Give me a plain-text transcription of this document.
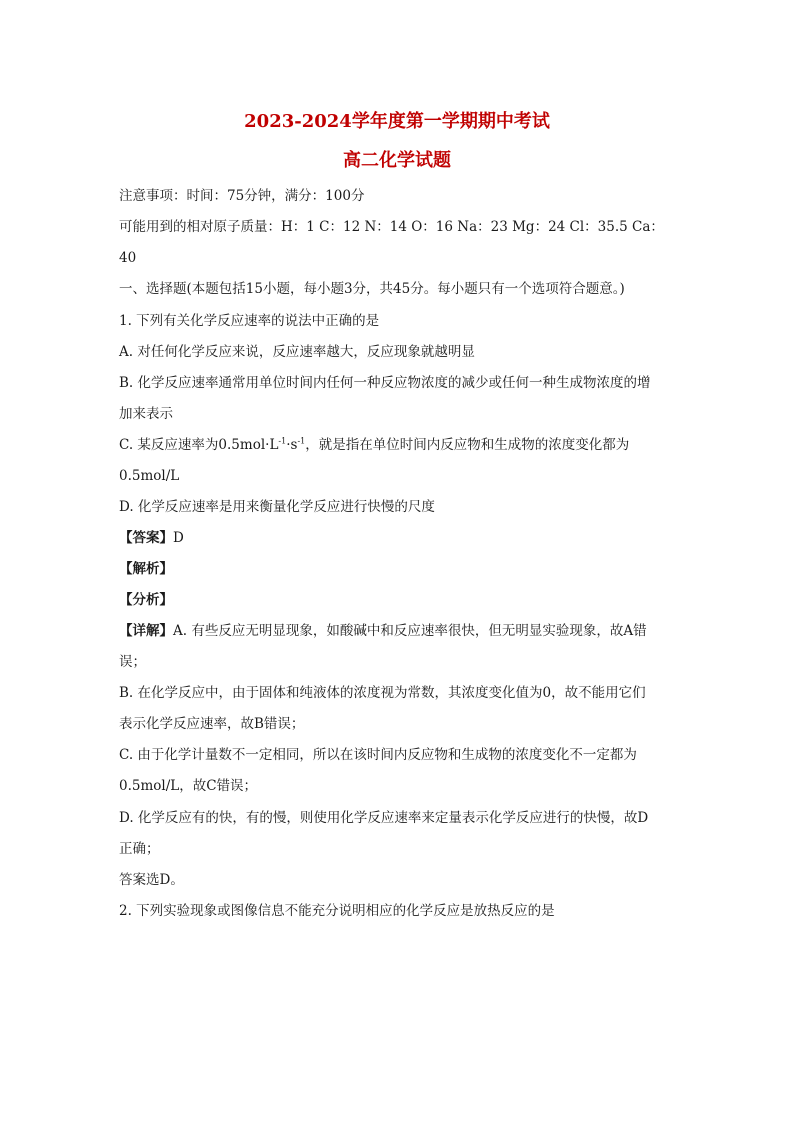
2023-2024学年度第一学期期中考试
高二化学试题
注意事项：时间：75分钟，满分：100分
可能用到的相对原子质量：H：1 C：12 N：14 O：16 Na：23 Mg：24 Cl：35.5 Ca：
40
一、选择题(本题包括15小题，每小题3分，共45分。每小题只有一个选项符合题意。)
1. 下列有关化学反应速率的说法中正确的是
A. 对任何化学反应来说，反应速率越大，反应现象就越明显
B. 化学反应速率通常用单位时间内任何一种反应物浓度的减少或任何一种生成物浓度的增
加来表示
C. 某反应速率为$0.5mol\cdot L^{-1}\cdot s^{-1}$，就是指在单位时间内反应物和生成物的浓度变化都为
0.5mol/L
D. 化学反应速率是用来衡量化学反应进行快慢的尺度
【答案】D
【解析】
【分析】
【详解】A. 有些反应无明显现象，如酸碱中和反应速率很快，但无明显实验现象，故A错
误；
B. 在化学反应中，由于固体和纯液体的浓度视为常数，其浓度变化值为0，故不能用它们
表示化学反应速率，故B错误；
C. 由于化学计量数不一定相同，所以在该时间内反应物和生成物的浓度变化不一定都为
0.5mol/L，故C错误；
D. 化学反应有的快，有的慢，则使用化学反应速率来定量表示化学反应进行的快慢，故D
正确；
答案选D。
2. 下列实验现象或图像信息不能充分说明相应的化学反应是放热反应的是
